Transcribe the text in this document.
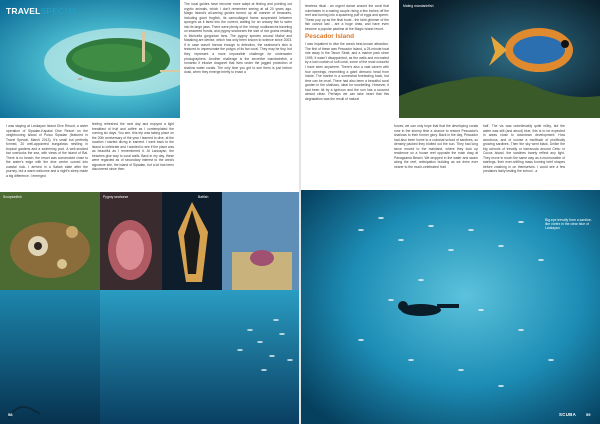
TRAVELSPECIAL

I was staying at Lankayan Island Dive Resort, a sister operation of Sipadan-Kapalai Dive Resort on the neighbouring island of Pulau Sipadan (featured in Travel Special, March 2013). It's small but perfectly formed, 20 well-appointed bungalows nestling in tropical gardens and a swimming pool. A well-stocked bar overlooks the sea, with views of the island of Bai. There is no beach, the resort was constructed close to the water's edge with the dive centre curved into coastal rock. I arrived in a Sabah state after the journey, but a warm welcome and a night's sleep made a big difference. I emerged

feeling refreshed the next day and enjoyed a light breakfast of fruit and coffee as I contemplated the coming six days. You see, this trip was taking place on the 20th anniversary of the year I learned to dive, at the location I started diving in earnest. I went back to the island to celebrate and I wanted to see if the place was as beautiful as I remembered it. At Lankayan, the beaches give way to coral walls. Back in my day, these were regarded as of secondary interest to the area's signature site, the island of Sipadan, but a lot has been discovered since then.

The local guides have become more adept at finding and pointing out cryptic animals, which I don't remember seeing at all 20 years ago. Magic Island's all-seeing guides turned up all manner of treasures, including giant frogfish, its camouflaged frame suspended between sponges as it fared into the current, waiting for an unwary fish to swim into its large jaws. There were plenty of the 'cheap' nudibranchs traveling on seaweed fronds, and pygmy seahorses the size of rice grains residing in Muricella gorgonian fans. The pygmy species around Mabul and Mataking are denise, which has only been known to science since 2003. If in case wasn't harrow enough to detection, the seahorse's skin is textured to impersonate the polyps of its fan coral. They may be tiny, but they represent a more impossible challenge for underwater photographers. Another challenge is the secretive mandarinfish, a romantic if elusive dragonet that lives under the jagged protection of shallow water corals. The only time you get to see them is just before dusk, when they emerge briefly to enact a

Scorpionfish	Pygmy seahorse	Batfish
58

timeless ritual - an urgent dance around the coral that culminates in a mating couple rising a few inches off the reef and turning into a spawning puff of eggs and sperm. These pop up as the final burst - the faint glimmer of the fish cannot last - are a huge draw, and have even become a popular pastime at the Magic Island resort.

Pescador Island

I was impatient to dive the area's best-known attraction. The first of these was Pescador Island, a 25-minute boat ride away in the Tanon Strait, and a marine park since 1995. It wasn't disappointed, as the walls and encrusted by a lush curtain of soft coral, some of the most colourful I have seen anywhere. There's also a vast cavern with four openings, resembling a giant demonic head from inside. The marine is a somewhat foreboding back, but time can be cruel. There had also been a beautiful coral garden in the shallows, ideal for snorkelling. However, it had been hit by a typhoon and the sun has a scoured almost clean. Perhaps we can take heart that this degradation was the result of natural

forces; we can only hope that that the developing corals rose in the stormy time a chance to restore Pescador's shallows to their former glory. Back in the day, Pescador had also been home to a colossal school of sardines, so densely packed they blotted out the sun. They had long since moved to the mainland, where they took up residence on a house reef opposite the main drag at Panagsama Beach. We dropped in the water and swam along the reef, anticipation building as we drew ever nearer to the much-celebrated 'bait

ball'. The vis was unbelievably quite milky, but the water was still (and about) blue, this is to be expected in areas close to downtown development. How wondrous, and of course a multitude of prolifically growing sardines. Then the sky went black. Unlike the big schools of trevally or barracuda around Cebu or Cocos Island, the sardines barely reflect any light. They move in much the same way as a murmuration of starlings, their ever-shifting mass forming brief shapes before crashing in on themselves. I could see a few predators lazily testing the school - a

Mating mandarinfish
Big-eye trevally form a sardine-like vortex in the clear blue of Lankayan
SCUBA 59
